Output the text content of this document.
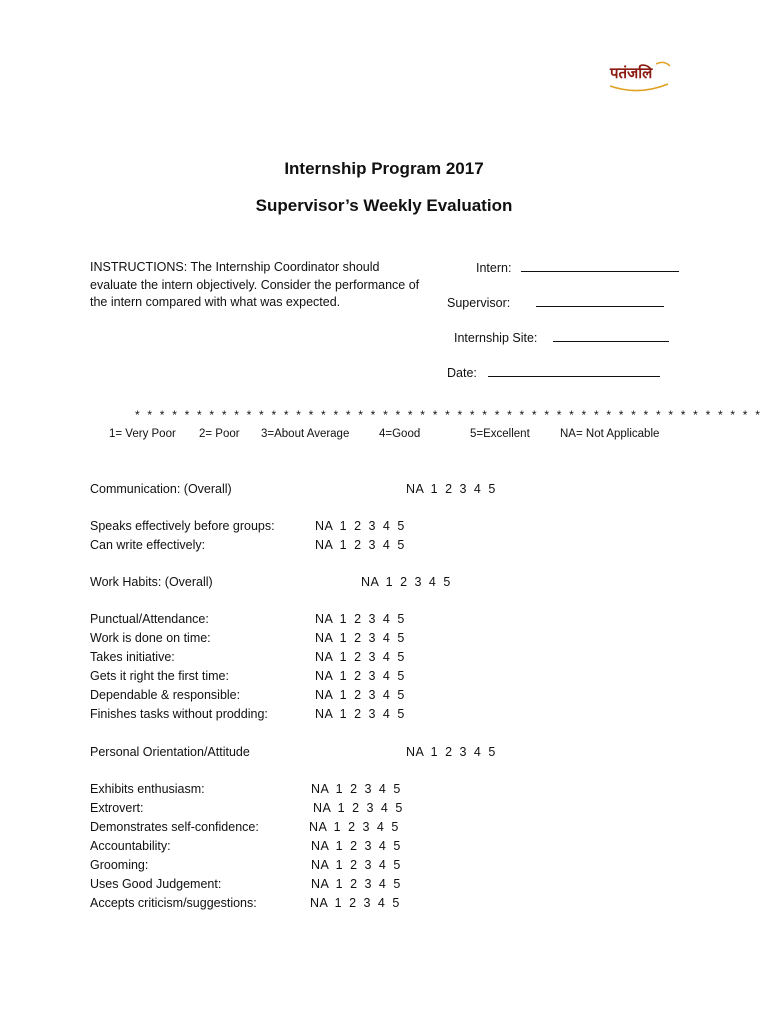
पतंजलि
Internship Program 2017
Supervisor’s Weekly Evaluation
INSTRUCTIONS: The Internship Coordinator should evaluate the intern objectively. Consider the performance of the intern compared with what was expected.
Intern:
Supervisor:
Internship Site:
Date:
* * * * * * * * * * * * * * * * * * * * * * * * * * * * * * * * * * * * * * * * * * * * * * * * * * *
1= Very Poor 2= Poor 3=About Average	4=Good	5=Excellent	NA= Not Applicable
Communication: (Overall)	NA 1 2 3 4 5
Speaks effectively before groups:	NA 1 2 3 4 5
Can write effectively:	NA 1 2 3 4 5
Work Habits: (Overall)	NA 1 2 3 4 5
Punctual/Attendance:	NA 1 2 3 4 5
Work is done on time:	NA 1 2 3 4 5
Takes initiative:	NA 1 2 3 4 5
Gets it right the first time:	NA 1 2 3 4 5
Dependable & responsible:	NA 1 2 3 4 5
Finishes tasks without prodding:	NA 1 2 3 4 5
Personal Orientation/Attitude	NA 1 2 3 4 5
Exhibits enthusiasm:	NA 1 2 3 4 5
Extrovert:	NA 1 2 3 4 5
Demonstrates self-confidence:	NA 1 2 3 4 5
Accountability:	NA 1 2 3 4 5
Grooming:	NA 1 2 3 4 5
Uses Good Judgement:	NA 1 2 3 4 5
Accepts criticism/suggestions:	NA 1 2 3 4 5
